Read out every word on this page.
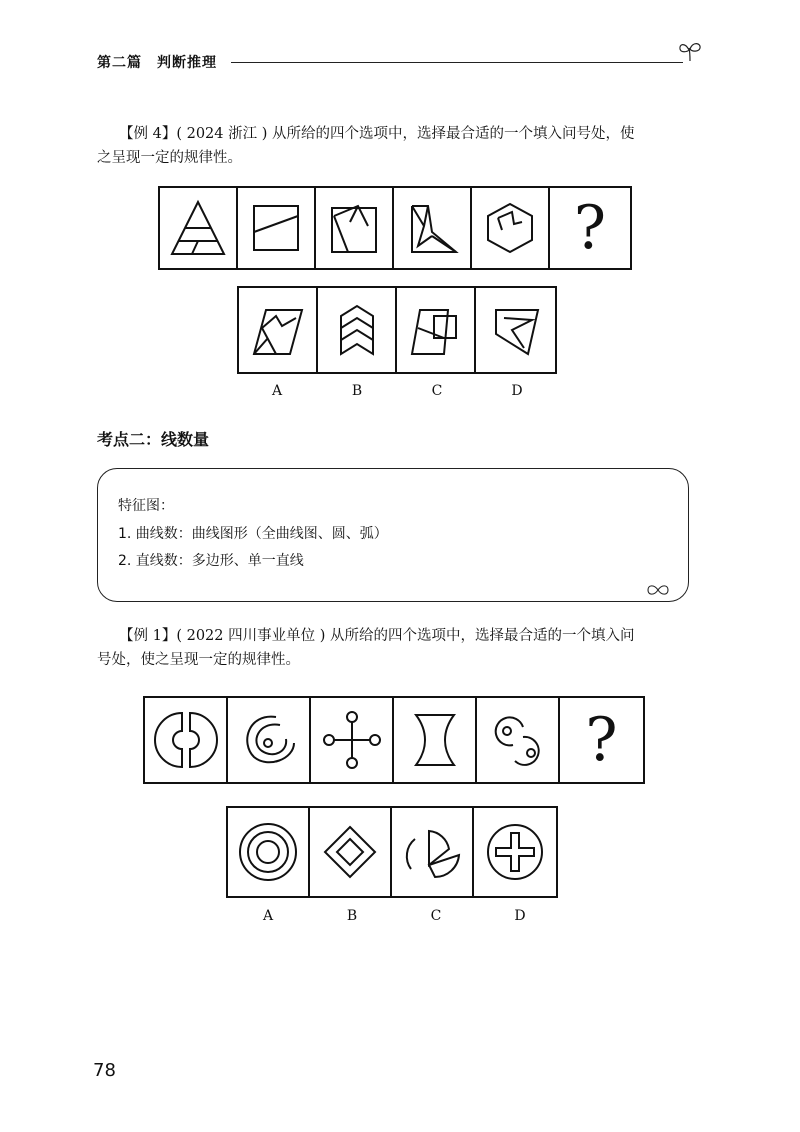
第二篇　判断推理
【例 4】( 2024 浙江 ) 从所给的四个选项中，选择最合适的一个填入问号处，使
之呈现一定的规律性。
?
A	B	C	D
考点二：线数量
特征图：
1. 曲线数：曲线图形（全曲线图、圆、弧）
2. 直线数：多边形、单一直线
【例 1】( 2022 四川事业单位 ) 从所给的四个选项中，选择最合适的一个填入问
号处，使之呈现一定的规律性。
?
A	B	C	D
78
